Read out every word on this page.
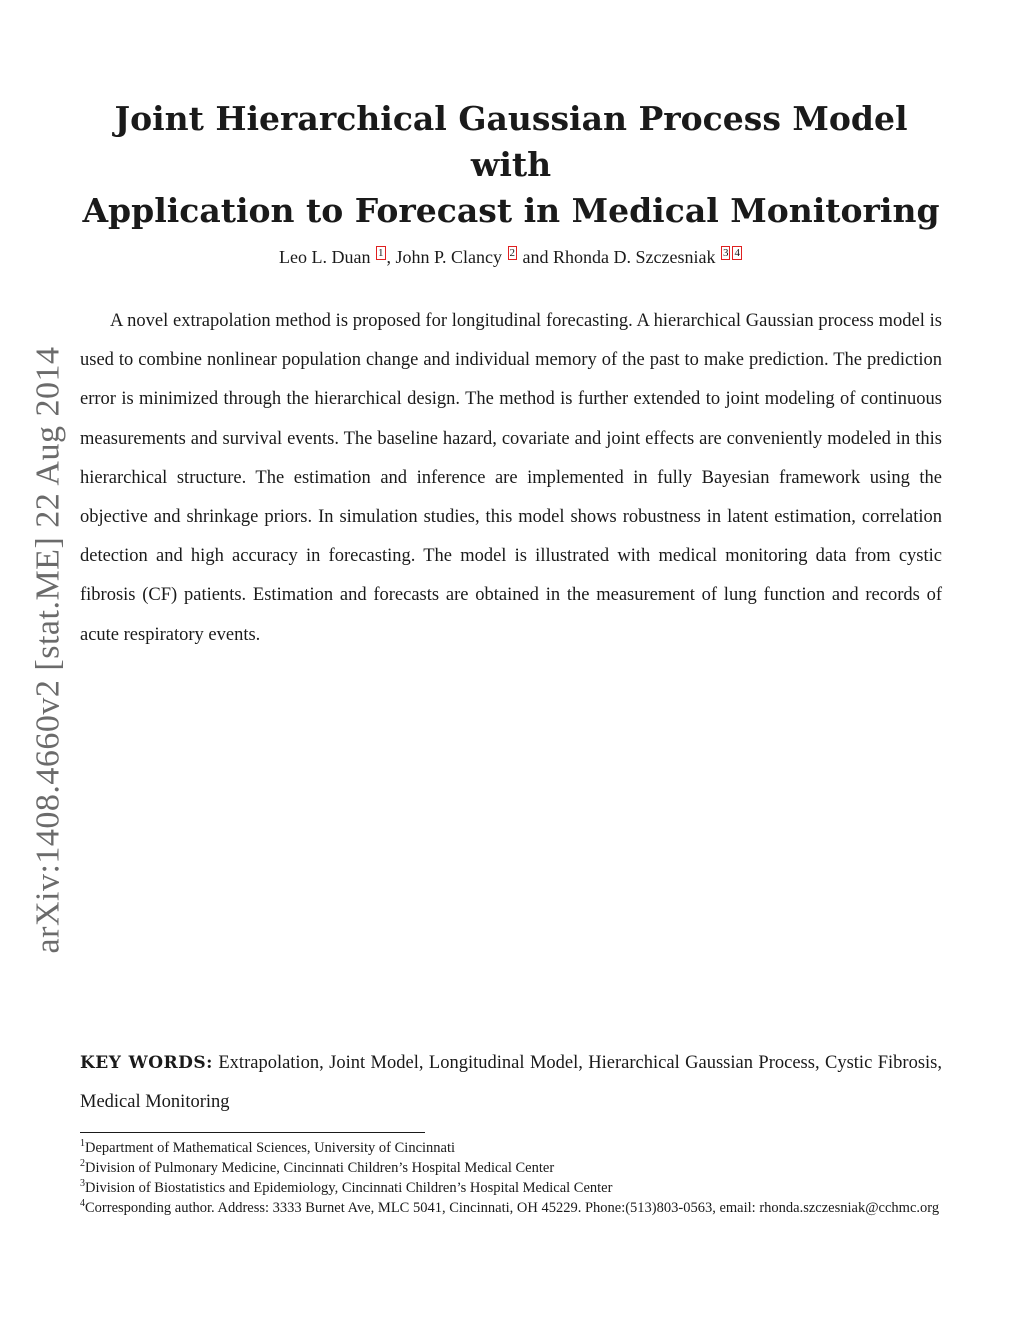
arXiv:1408.4660v2 [stat.ME] 22 Aug 2014
Joint Hierarchical Gaussian Process Model with
Application to Forecast in Medical Monitoring
Leo L. Duan 1 , John P. Clancy 2 and Rhonda D. Szczesniak 3 4

A novel extrapolation method is proposed for longitudinal forecasting. A hierarchical Gaussian process model is used to combine nonlinear population change and individual memory of the past to make prediction. The prediction error is minimized through the hierarchical design. The method is further extended to joint modeling of continuous measurements and survival events. The baseline hazard, covariate and joint effects are conveniently modeled in this hierarchical structure. The estimation and inference are implemented in fully Bayesian framework using the objective and shrinkage priors. In simulation studies, this model shows robustness in latent estimation, correlation detection and high accuracy in forecasting. The model is illustrated with medical monitoring data from cystic fibrosis (CF) patients. Estimation and forecasts are obtained in the measurement of lung function and records of acute respiratory events.

KEY WORDS: Extrapolation, Joint Model, Longitudinal Model, Hierarchical Gaussian Process, Cystic Fibrosis, Medical Monitoring

$^1$Department of Mathematical Sciences, University of Cincinnati
$^2$Division of Pulmonary Medicine, Cincinnati Children’s Hospital Medical Center
$^3$Division of Biostatistics and Epidemiology, Cincinnati Children’s Hospital Medical Center
$^4$Corresponding author. Address: 3333 Burnet Ave, MLC 5041, Cincinnati, OH 45229. Phone:(513)803-0563, email: rhonda.szczesniak@cchmc.org
